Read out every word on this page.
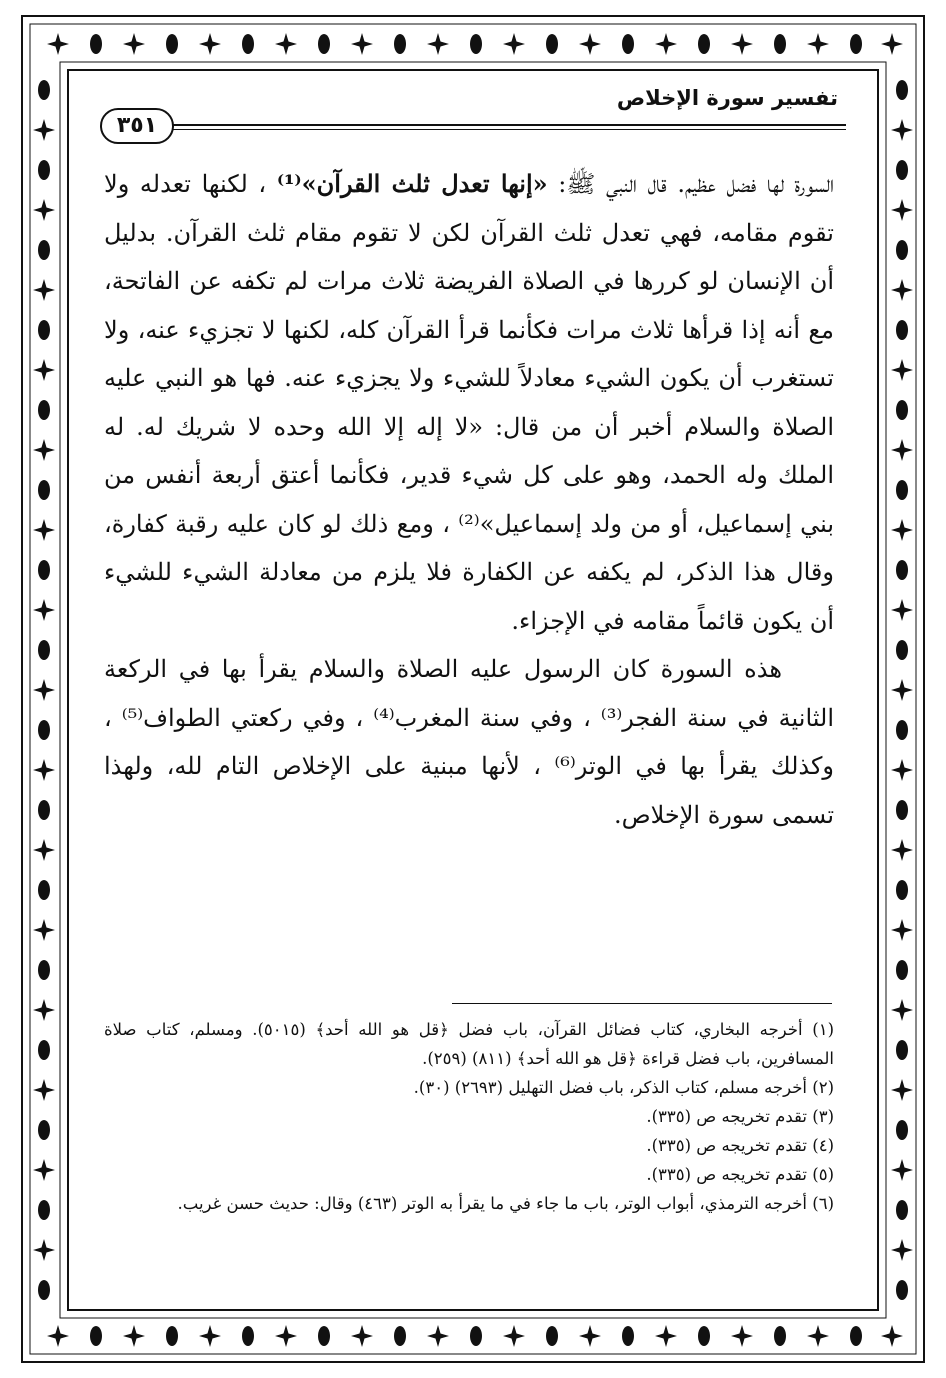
تفسير سورة الإخلاص
٣٥١

السورة لها فضل عظيم. قال النبي ﷺ: «إنها تعدل ثلث القرآن»⁽¹⁾ ، لكنها تعدله ولا تقوم مقامه، فهي تعدل ثلث القرآن لكن لا تقوم مقام ثلث القرآن. بدليل أن الإنسان لو كررها في الصلاة الفريضة ثلاث مرات لم تكفه عن الفاتحة، مع أنه إذا قرأها ثلاث مرات فكأنما قرأ القرآن كله، لكنها لا تجزيء عنه، ولا تستغرب أن يكون الشيء معادلاً للشيء ولا يجزيء عنه. فها هو النبي عليه الصلاة والسلام أخبر أن من قال: «لا إله إلا الله وحده لا شريك له. له الملك وله الحمد، وهو على كل شيء قدير، فكأنما أعتق أربعة أنفس من بني إسماعيل، أو من ولد إسماعيل»⁽²⁾ ، ومع ذلك لو كان عليه رقبة كفارة، وقال هذا الذكر، لم يكفه عن الكفارة فلا يلزم من معادلة الشيء للشيء أن يكون قائماً مقامه في الإجزاء.

هذه السورة كان الرسول عليه الصلاة والسلام يقرأ بها في الركعة الثانية في سنة الفجر⁽³⁾ ، وفي سنة المغرب⁽⁴⁾ ، وفي ركعتي الطواف⁽⁵⁾ ، وكذلك يقرأ بها في الوتر⁽⁶⁾ ، لأنها مبنية على الإخلاص التام لله، ولهذا تسمى سورة الإخلاص.

(١) أخرجه البخاري، كتاب فضائل القرآن، باب فضل ﴿قل هو الله أحد﴾ (٥٠١٥). ومسلم، كتاب صلاة المسافرين، باب فضل قراءة ﴿قل هو الله أحد﴾ (٨١١) (٢٥٩).

(٢) أخرجه مسلم، كتاب الذكر، باب فضل التهليل (٢٦٩٣) (٣٠).

(٣) تقدم تخريجه ص (٣٣٥).

(٤) تقدم تخريجه ص (٣٣٥).

(٥) تقدم تخريجه ص (٣٣٥).

(٦) أخرجه الترمذي، أبواب الوتر، باب ما جاء في ما يقرأ به الوتر (٤٦٣) وقال: حديث حسن غريب.
